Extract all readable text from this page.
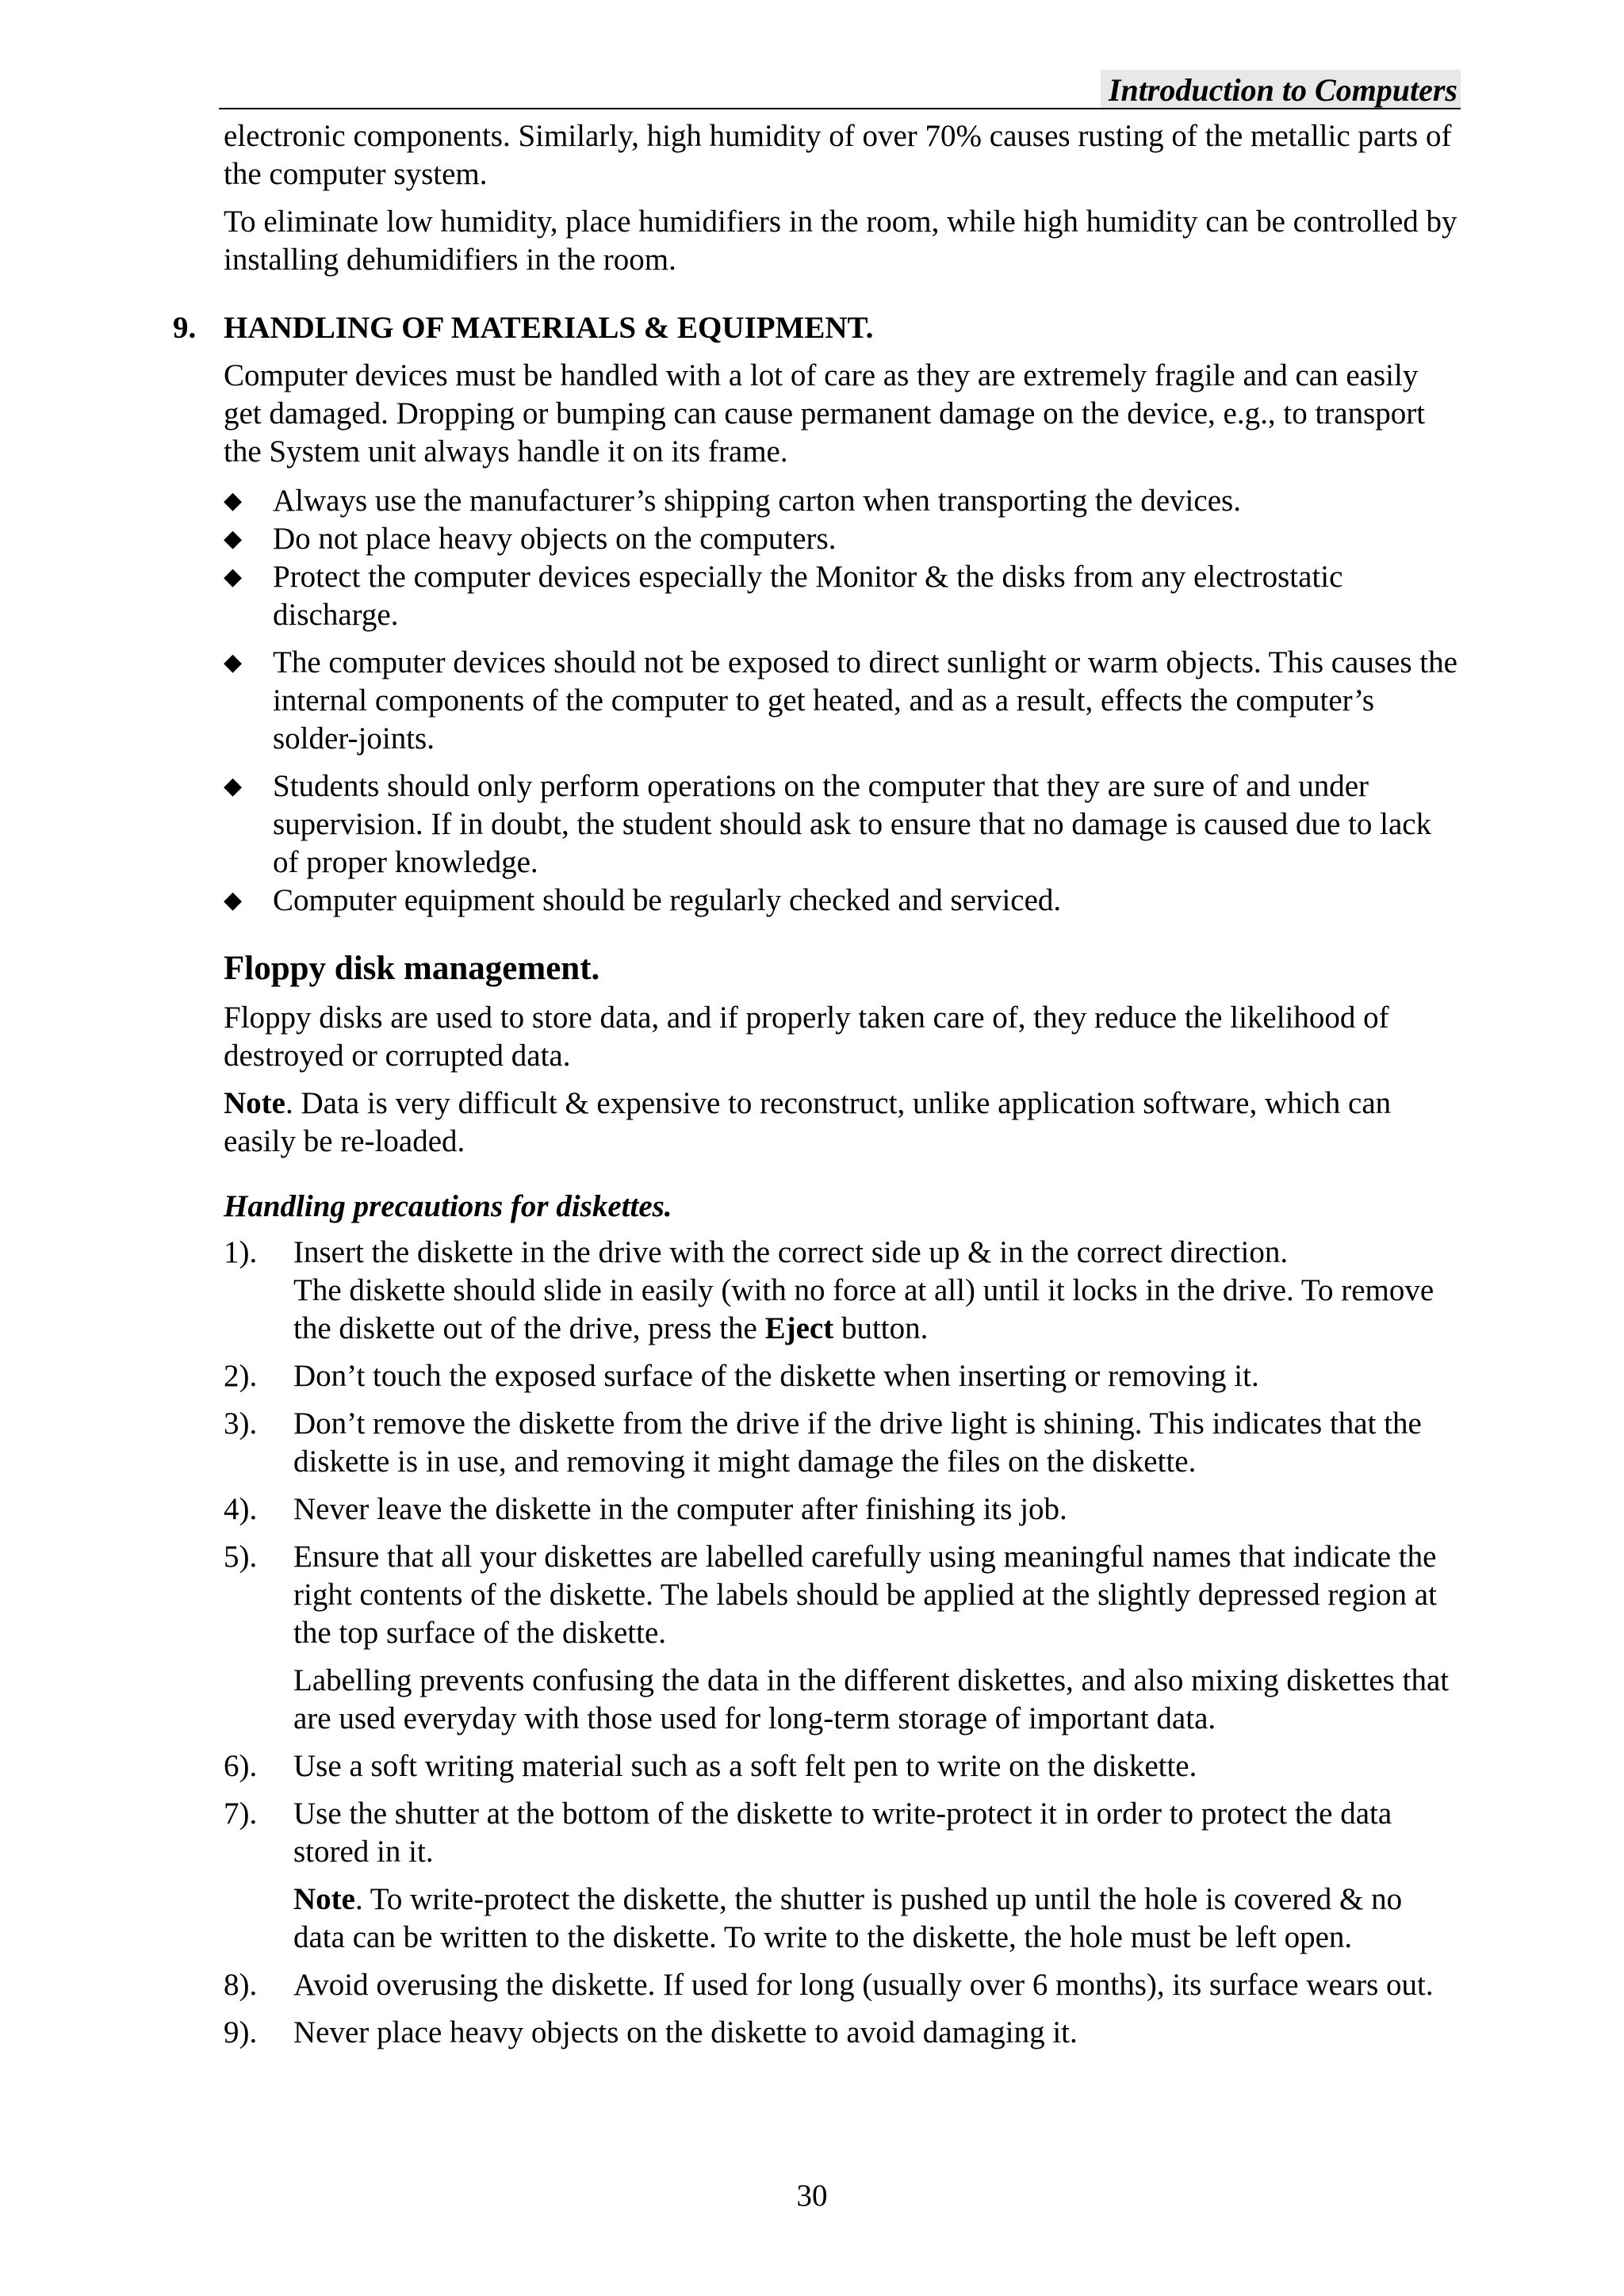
Introduction to Computers

electronic components. Similarly, high humidity of over 70% causes rusting of the metallic parts of the computer system.

To eliminate low humidity, place humidifiers in the room, while high humidity can be controlled by installing dehumidifiers in the room.

9. HANDLING OF MATERIALS & EQUIPMENT.

Computer devices must be handled with a lot of care as they are extremely fragile and can easily get damaged. Dropping or bumping can cause permanent damage on the device, e.g., to transport the System unit always handle it on its frame.

◆ Always use the manufacturer’s shipping carton when transporting the devices.
◆ Do not place heavy objects on the computers.
◆ Protect the computer devices especially the Monitor & the disks from any electrostatic discharge.
◆ The computer devices should not be exposed to direct sunlight or warm objects. This causes the internal components of the computer to get heated, and as a result, effects the computer’s solder-joints.
◆ Students should only perform operations on the computer that they are sure of and under supervision. If in doubt, the student should ask to ensure that no damage is caused due to lack of proper knowledge.
◆ Computer equipment should be regularly checked and serviced.
Floppy disk management.

Floppy disks are used to store data, and if properly taken care of, they reduce the likelihood of destroyed or corrupted data.

Note. Data is very difficult & expensive to reconstruct, unlike application software, which can easily be re-loaded.

Handling precautions for diskettes.
1). Insert the diskette in the drive with the correct side up & in the correct direction.
The diskette should slide in easily (with no force at all) until it locks in the drive. To remove the diskette out of the drive, press the Eject button.
2). Don’t touch the exposed surface of the diskette when inserting or removing it.
3). Don’t remove the diskette from the drive if the drive light is shining. This indicates that the diskette is in use, and removing it might damage the files on the diskette.
4). Never leave the diskette in the computer after finishing its job.
5). Ensure that all your diskettes are labelled carefully using meaningful names that indicate the right contents of the diskette. The labels should be applied at the slightly depressed region at the top surface of the diskette.
Labelling prevents confusing the data in the different diskettes, and also mixing diskettes that are used everyday with those used for long-term storage of important data.
6). Use a soft writing material such as a soft felt pen to write on the diskette.
7). Use the shutter at the bottom of the diskette to write-protect it in order to protect the data stored in it.
Note. To write-protect the diskette, the shutter is pushed up until the hole is covered & no data can be written to the diskette. To write to the diskette, the hole must be left open.
8). Avoid overusing the diskette. If used for long (usually over 6 months), its surface wears out.
9). Never place heavy objects on the diskette to avoid damaging it.
30
